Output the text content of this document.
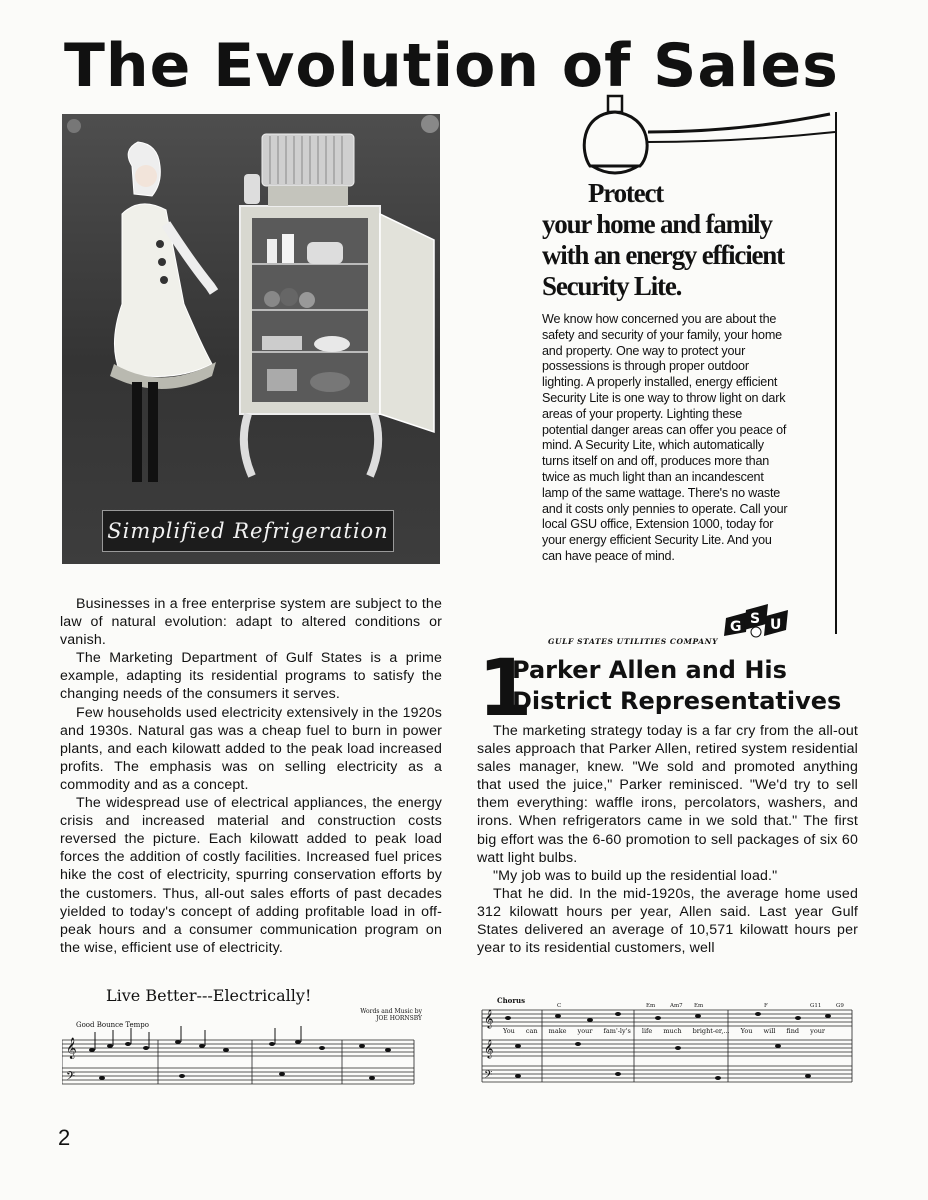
The Evolution of Sales
Simplified Refrigeration

Businesses in a free enterprise system are subject to the law of natural evolution: adapt to altered conditions or vanish.

The Marketing Department of Gulf States is a prime example, adapting its residential programs to satisfy the changing needs of the consumers it serves.

Few households used electricity extensively in the 1920s and 1930s. Natural gas was a cheap fuel to burn in power plants, and each kilowatt added to the peak load increased profits. The emphasis was on selling electricity as a commodity and as a concept.

The widespread use of electrical appliances, the energy crisis and increased material and construction costs reversed the picture. Each kilowatt added to peak load forces the addition of costly facilities. Increased fuel prices hike the cost of electricity, spurring conservation efforts by the customers. Thus, all-out sales efforts of past decades yielded to today's concept of adding profitable load in off-peak hours and a consumer communication program on the wise, efficient use of electricity.

Protect
your home and family
with an energy efficient
Security Lite.
We know how concerned you are about the safety and security of your family, your home and property. One way to protect your possessions is through proper outdoor lighting. A properly installed, energy efficient Security Lite is one way to throw light on dark areas of your property. Lighting these potential danger areas can offer you peace of mind. A Security Lite, which automatically turns itself on and off, produces more than twice as much light than an incandescent lamp of the same wattage. There's no waste and it costs only pennies to operate. Call your local GSU office, Extension 1000, today for your energy efficient Security Lite. And you can have peace of mind.
G S U
GULF STATES UTILITIES COMPANY
1
Parker Allen and His
District Representatives

The marketing strategy today is a far cry from the all-out sales approach that Parker Allen, retired system residential sales manager, knew. "We sold and promoted anything that used the juice," Parker reminisced. "We'd try to sell them everything: waffle irons, percolators, washers, and irons. When refrigerators came in we sold that." The first big effort was the 6-60 promotion to sell packages of six 60 watt light bulbs.

"My job was to build up the residential load."

That he did. In the mid-1920s, the average home used 312 kilowatt hours per year, Allen said. Last year Gulf States delivered an average of 10,571 kilowatt hours per year to its residential customers, well

𝄞
𝄢
Live Better---Electrically!
Words and Music by
JOE HORNSBY
Good Bounce Tempo	𝄞
𝄞
𝄢
Chorus
C	Em	Am7 Em	F	G11	G9
You can make your fam'-ly's life much bright-er,... You will find your
2
